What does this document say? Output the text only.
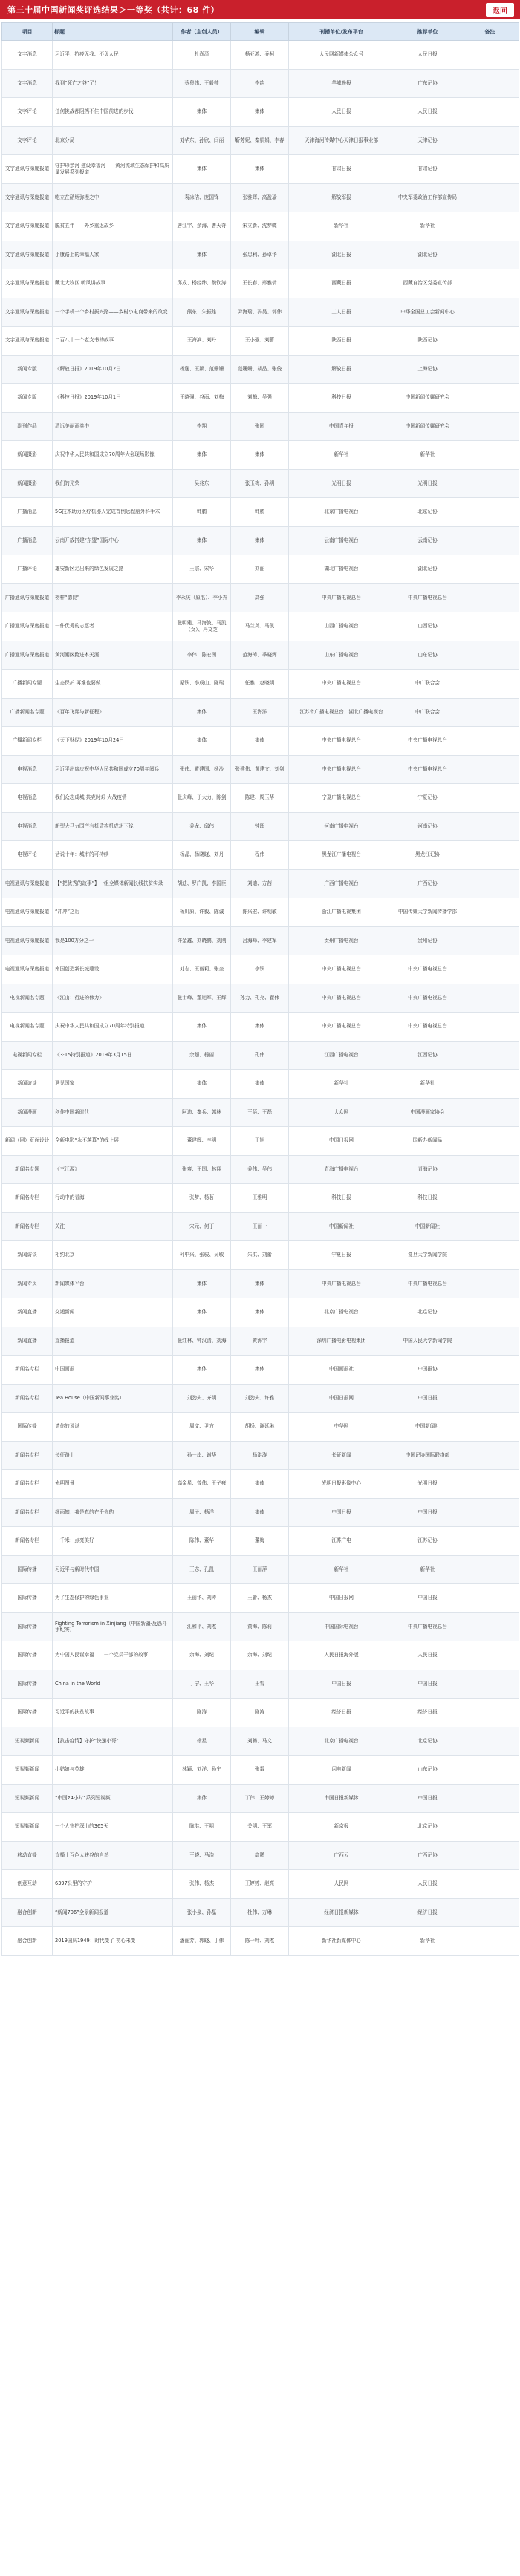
第三十届中国新闻奖评选结果＞一等奖（共计：68 件）	返回
项目	标题	作者（主创人员）	编辑	刊播单位/发布平台	推荐单位	备注
文字消息	习近平：抗疫无我、不负人民	杜尚泽	杨亚鸿、乔柯	人民网新媒体公众号	人民日报	
文字消息	我到“死亡之谷”了！	蔡粤炜、王毅帅	李韵	羊城晚报	广东记协	
文字评论	任何挑战都阻挡不住中国前进的步伐	集体	集体	人民日报	人民日报	
文字评论	北京分局	刘华东、孙欣、闫丽	靳芳妮、秦娟娟、李春	天津海河传媒中心天津日报事业部	天津记协	
文字通讯与深度报道	守护母亲河 建设幸福河——黄河流域生态保护和高质量发展系列报道	集体	集体	甘肃日报	甘肃记协	
文字通讯与深度报道	吃立在硝烟弥漫之中	袁冰洁、庞国锋	张雅晖、高盈瑜	解放军报	中央军委政治工作部宣传局	
文字通讯与深度报道	脱贫五年——外乡重返故乡	唐江宇、余海、曹天奇	宋立新、沈梦蝶	新华社	新华社	
文字通讯与深度报道	小康路上的幸福人家	集体	张忠利、孙卓华	湖北日报	湖北记协	
文字通讯与深度报道	藏北大牧区 听风讲故事	邱成、杨经纬、魏钦涛	王长春、邢雅倩	西藏日报	西藏自治区党委宣传部	
文字通讯与深度报道	一个手机一个乡村振兴路——乡村小电商带来的改变	熊东、朱振雄	尹海瑞、冯昊、郭伟	工人日报	中华全国总工会新闻中心	
文字通讯与深度报道	二百八十一个老支书的故事	王海滨、刘丹	王小强、刘蕾	陕西日报	陕西记协	
新闻专版	《解放日报》2019年10月2日	杨逸、王颖、范姗姗	范姗姗、胡晶、张俊	解放日报	上海记协	
新闻专版	《科技日报》2019年10月1日	王晓强、谷雨、刘梅	刘梅、吴强	科技日报	中国新闻传媒研究会	
副刊作品	清远美丽画卷中	李翔	张国	中国青年报	中国新闻传媒研究会	
新闻摄影	庆祝中华人民共和国成立70周年大会现场影像	集体	集体	新华社	新华社	
新闻摄影	我们的光荣	吴兆东	张玉梅、孙明	光明日报	光明日报	
广播消息	5G技术助力医疗机器人完成首例远程脑外科手术	韩鹏	韩鹏	北京广播电视台	北京记协	
广播消息	云南开放搭建“东盟”国际中心	集体	集体	云南广播电视台	云南记协	
广播评论	雄安新区走出来的绿色发展之路	王宗、宋华	刘丽	湖北广播电视台	湖北记协	
广播通讯与深度报道	榜样“德昆”	李永庆（原名）、李小卉	高强	中央广播电视总台	中央广播电视总台	
广播通讯与深度报道	一件优秀的志愿者	张明建、马海波、马凯（女）、冯文芝	马兰英、马凯	山西广播电视台	山西记协	
广播通讯与深度报道	黄河潮区跨进本天涯	李伟、陈宏图	范海涛、季晓辉	山东广播电视台	山东记协	
广播新闻专题	生态保护 再难也要做	原铁、李成山、陈瑞	任雅、赵晓明	中央广播电视总台	中广联合会	
广播新闻名专题	《百年飞翔与新征程》	集体	王海洋	江苏省广播电视总台、湖北广播电视台	中广联合会	
广播新闻专栏	《天下财经》2019年10月24日	集体	集体	中央广播电视总台	中央广播电视总台	
电视消息	习近平出席庆祝中华人民共和国成立70周年阅兵	张伟、黄建国、杨沙	张建伟、黄建文、刘剑	中央广播电视总台	中央广播电视总台	
电视消息	我们众志成城 共克时艰 大战疫情	张庆峰、于大力、陈剑	陈建、周玉华	宁夏广播电视总台	宁夏记协	
电视消息	新型大马力国产有机盾构机成功下线	姜龙、邱伟	钟晖	河南广播电视台	河南记协	
电视评论	话说十年：城市的可持续	杨晶、杨晓晓、刘丹	程伟	黑龙江广播电视台	黑龙江记协	
电视通讯与深度报道	【“把优秀的故事”】一组全媒体新闻长线扶贫实录	胡迪、罗广凯、李国臣	刘迪、方茜	广西广播电视台	广西记协	
电视通讯与深度报道	“冲冲”之后	杨川原、许毅、陈诚	陈兴宏、许明敏	浙江广播电视集团	中国传媒大学新闻传播学部	
电视通讯与深度报道	我是100万分之一	许金鑫、刘晓鹏、刘刚	吕海峰、李建军	贵州广播电视台	贵州记协	
电视通讯与深度报道	南国创造新长城建设	刘志、王丽莉、张奎	李铁	中央广播电视总台	中央广播电视总台	
电视新闻名专题	《江山：行进的伟力》	张士峰、董旭军、王辉	孙力、孔亮、翟伟	中央广播电视总台	中央广播电视总台	
电视新闻名专题	庆祝中华人民共和国成立70周年特别报道	集体	集体	中央广播电视总台	中央广播电视总台	
电视新闻专栏	《3·15特别报道》2019年3月15日	余超、杨丽	孔伟	江西广播电视台	江西记协	
新闻访谈	遇见国家	集体	集体	新华社	新华社	
新闻漫画	创作中国新时代	阿迪、秦兵、郭林	王蓓、王磊	大众网	中国漫画家协会	
新闻（网）页面设计	全新电影“永不落幕”的线上展	董建辉、李明	王旭	中国日报网	国新办新闻局	
新闻名专题	《三江源》	张爽、王国、林翔	姜伟、吴伟	青海广播电视台	青海记协	
新闻名专栏	行动中的青海	张梦、杨茗	王雅明	科技日报	科技日报	
新闻名专栏	关注	宋元、何丁	王丽一	中国新闻社	中国新闻社	
新闻访谈	相约北京	柯中兴、张骏、吴敏	朱洪、刘蕾	宁夏日报	复旦大学新闻学院	
新闻专页	新闻媒体平台	集体	集体	中央广播电视总台	中央广播电视总台	
新闻直播	交通新闻	集体	集体	北京广播电视台	北京记协	
新闻直播	直播报道	张红林、钟汉清、刘海	黄海宇	深圳广播电影电视集团	中国人民大学新闻学院	
新闻名专栏	中国画报	集体	集体	中国画报社	中国报协	
新闻名专栏	Tea House（中国新闻事业奖）	刘劲夫、齐明	刘劲夫、许雅	中国日报网	中国日报	
国际传播	请你的说说	周文、尹方	胡扬、谢延琳	中华网	中国新闻社	
新闻名专栏	长征路上	孙一岸、谢华	杨洪涛	长征新闻	中国记协国际联络部	
新闻名专栏	光明图景	高金星、曾伟、王子雍	集体	光明日报影像中心	光明日报	
新闻名专栏	细雨知：我是真的在乎你的	周子、杨洋	集体	中国日报	中国日报	
新闻名专栏	一千米：点亮美好	陈伟、董华	董梅	江苏广电	江苏记协	
国际传播	习近平与新时代中国	王志、孔凯	王丽萍	新华社	新华社	
国际传播	为了生态保护的绿色事业	王丽华、刘涛	王蕾、杨杰	中国日报网	中国日报	
国际传播	Fighting Terrorism in Xinjiang（中国新疆·反恐斗争纪实）	江和平、刘杰	黄海、陈莉	中国国际电视台	中央广播电视总台	
国际传播	为中国人民谋幸福——一个党员干部的故事	余海、刘纪	余海、刘纪	人民日报海外版	人民日报	
国际传播	China in the World	丁宁、王华	王雪	中国日报	中国日报	
国际传播	习近平的扶贫故事	陈涛	陈涛	经济日报	经济日报	
短视频新闻	【抗击疫情】守护“快递小哥”	徐星	刘畅、马文	北京广播电视台	北京记协	
短视频新闻	小姑娘与英雄	林颖、刘洋、孙宁	张雷	闪电新闻	山东记协	
短视频新闻	“中国24小时”系列短视频	集体	丁伟、王婷婷	中国日报新媒体	中国日报	
短视频新闻	一个人守护深山的365天	陈洪、王明	关明、王军	新京报	北京记协	
移动直播	直播丨百色大峡谷的自然	王晓、马浩	高鹏	广西云	广西记协	
创意互动	6397公里的守护	张伟、杨杰	王婷婷、赵亮	人民网	人民日报	
融合创新	“新闻706”全景新闻报道	张小泉、孙磊	杜伟、万琳	经济日报新媒体	经济日报	
融合创新	2019国庆1949：时代变了 初心未变	潘丽芳、郭晓、丁伟	陈一叶、刘杰	新华社新媒体中心	新华社	
